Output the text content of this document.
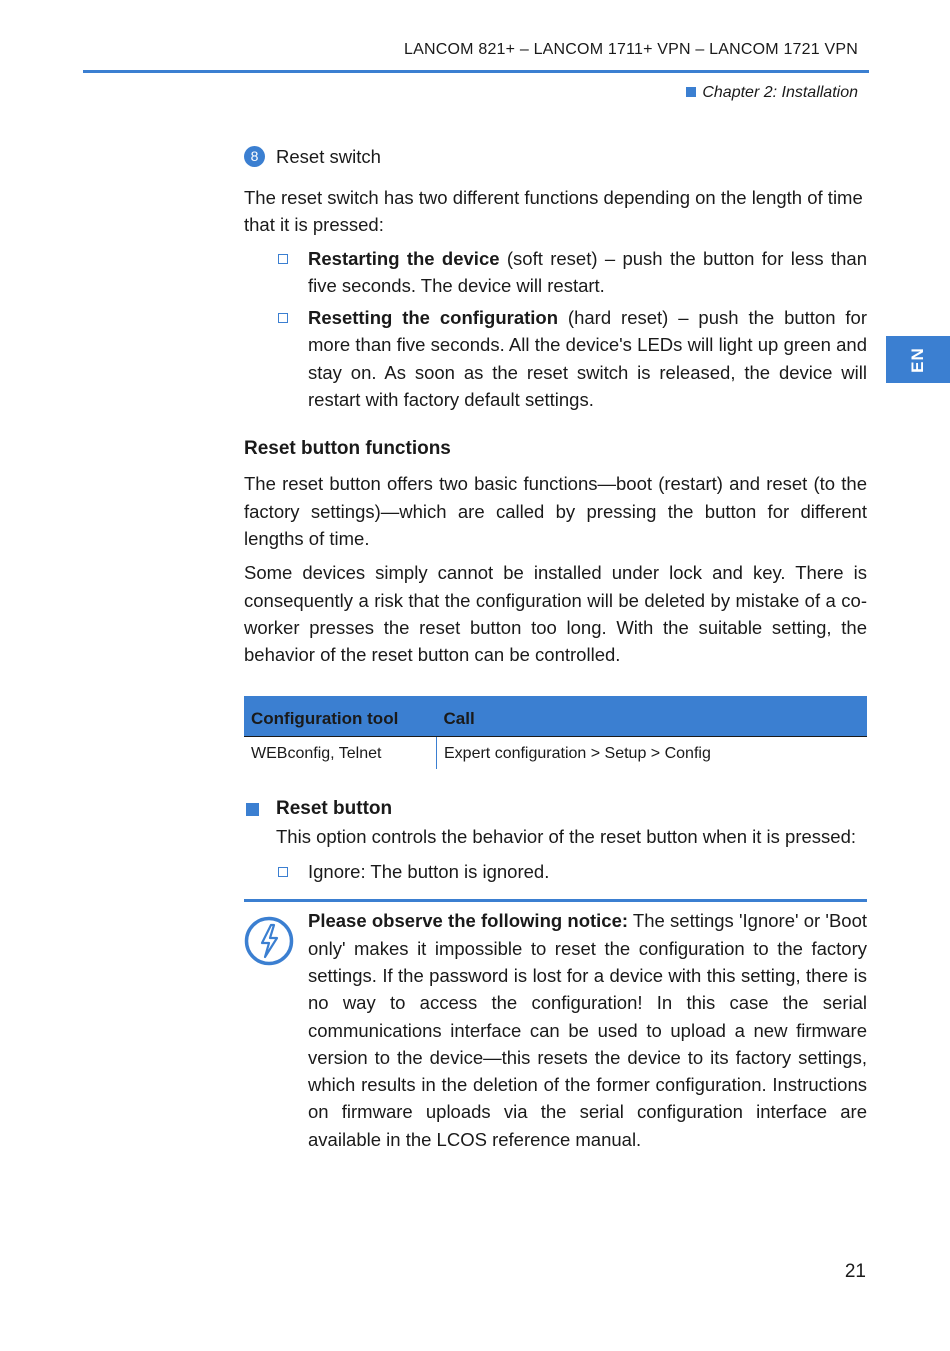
LANCOM 821+ – LANCOM 1711+ VPN – LANCOM 1721 VPN
Chapter 2: Installation
EN
8 Reset switch

The reset switch has two different functions depending on the length of time that it is pressed:

Restarting the device (soft reset) – push the button for less than five seconds. The device will restart.
Resetting the configuration (hard reset) – push the button for more than five seconds. All the device's LEDs will light up green and stay on. As soon as the reset switch is released, the device will restart with factory default settings.
Reset button functions

The reset button offers two basic functions—boot (restart) and reset (to the factory settings)—which are called by pressing the button for different lengths of time.

Some devices simply cannot be installed under lock and key. There is consequently a risk that the configuration will be deleted by mistake of a co-worker presses the reset button too long. With the suitable setting, the behavior of the reset button can be controlled.

Configuration tool	Call
WEBconfig, Telnet	Expert configuration > Setup > Config
Reset button

This option controls the behavior of the reset button when it is pressed:

Ignore: The button is ignored.

Please observe the following notice: The settings 'Ignore' or 'Boot only' makes it impossible to reset the configuration to the factory settings. If the password is lost for a device with this setting, there is no way to access the configuration! In this case the serial communications interface can be used to upload a new firmware version to the device—this resets the device to its factory settings, which results in the deletion of the former configuration. Instructions on firmware uploads via the serial configuration interface are available in the LCOS reference manual.

21
